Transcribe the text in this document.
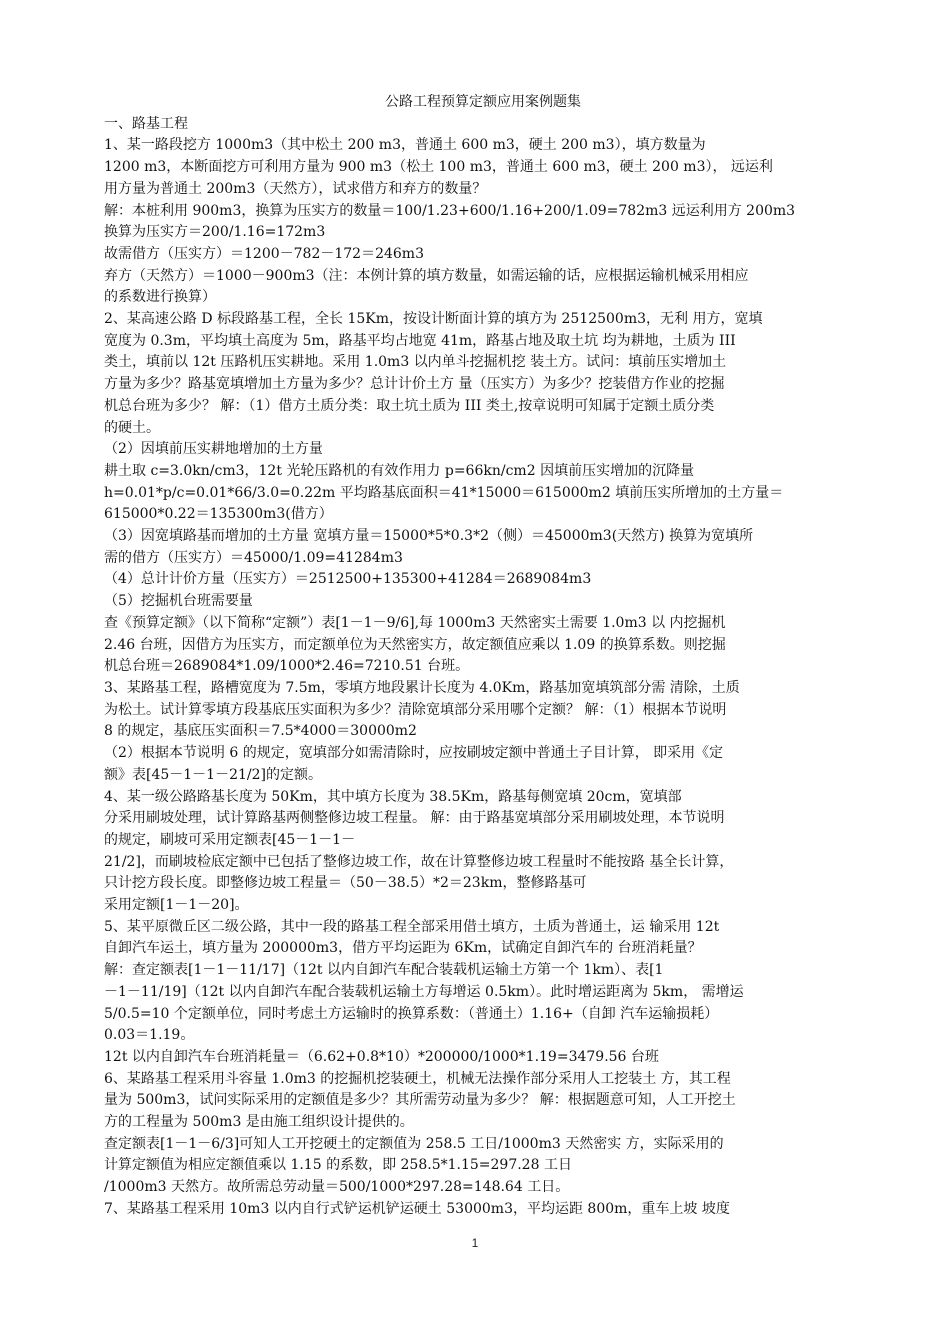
公路工程预算定额应用案例题集
一、路基工程
1、某一路段挖方 1000m3（其中松土 200 m3，普通土 600 m3，硬土 200 m3），填方数量为
1200 m3，本断面挖方可利用方量为 900 m3（松土 100 m3，普通土 600 m3，硬土 200 m3）， 远运利
用方量为普通土 200m3（天然方），试求借方和弃方的数量？
解：本桩利用 900m3，换算为压实方的数量＝100/1.23+600/1.16+200/1.09=782m3 远运利用方 200m3
换算为压实方＝200/1.16=172m3
故需借方（压实方）＝1200－782－172＝246m3
弃方（天然方）＝1000－900m3（注：本例计算的填方数量，如需运输的话，应根据运输机械采用相应
的系数进行换算）
2、某高速公路 D 标段路基工程，全长 15Km，按设计断面计算的填方为 2512500m3，无利 用方，宽填
宽度为 0.3m，平均填土高度为 5m，路基平均占地宽 41m，路基占地及取土坑 均为耕地，土质为 III
类土，填前以 12t 压路机压实耕地。采用 1.0m3 以内单斗挖掘机挖 装土方。试问：填前压实增加土
方量为多少？路基宽填增加土方量为多少？总计计价土方 量（压实方）为多少？挖装借方作业的挖掘
机总台班为多少？ 解：（1）借方土质分类：取土坑土质为 III 类土,按章说明可知属于定额土质分类
的硬土。
（2）因填前压实耕地增加的土方量
耕土取 c=3.0kn/cm3，12t 光轮压路机的有效作用力 p=66kn/cm2 因填前压实增加的沉降量
h=0.01*p/c=0.01*66/3.0=0.22m 平均路基底面积＝41*15000＝615000m2 填前压实所增加的土方量＝
615000*0.22＝135300m3(借方）
（3）因宽填路基而增加的土方量 宽填方量＝15000*5*0.3*2（侧）＝45000m3(天然方) 换算为宽填所
需的借方（压实方）＝45000/1.09=41284m3
（4）总计计价方量（压实方）＝2512500+135300+41284＝2689084m3
（5）挖掘机台班需要量
查《预算定额》（以下简称“定额”）表[1－1－9/6],每 1000m3 天然密实土需要 1.0m3 以 内挖掘机
2.46 台班，因借方为压实方，而定额单位为天然密实方，故定额值应乘以 1.09 的换算系数。则挖掘
机总台班＝2689084*1.09/1000*2.46=7210.51 台班。
3、某路基工程，路槽宽度为 7.5m，零填方地段累计长度为 4.0Km，路基加宽填筑部分需 清除，土质
为松土。试计算零填方段基底压实面积为多少？清除宽填部分采用哪个定额？ 解：（1）根据本节说明
8 的规定，基底压实面积＝7.5*4000＝30000m2
（2）根据本节说明 6 的规定，宽填部分如需清除时，应按刷坡定额中普通土子目计算， 即采用《定
额》表[45－1－1－21/2]的定额。
4、某一级公路路基长度为 50Km，其中填方长度为 38.5Km，路基每侧宽填 20cm，宽填部
分采用刷坡处理，试计算路基两侧整修边坡工程量。 解：由于路基宽填部分采用刷坡处理，本节说明
的规定，刷坡可采用定额表[45－1－1－
21/2]，而刷坡检底定额中已包括了整修边坡工作，故在计算整修边坡工程量时不能按路 基全长计算，
只计挖方段长度。即整修边坡工程量＝（50－38.5）*2＝23km，整修路基可
采用定额[1－1－20]。
5、某平原微丘区二级公路，其中一段的路基工程全部采用借土填方，土质为普通土，运 输采用 12t
自卸汽车运土，填方量为 200000m3，借方平均运距为 6Km，试确定自卸汽车的 台班消耗量？
解：查定额表[1－1－11/17]（12t 以内自卸汽车配合装载机运输土方第一个 1km）、表[1
－1－11/19]（12t 以内自卸汽车配合装载机运输土方每增运 0.5km）。此时增运距离为 5km， 需增运
5/0.5=10 个定额单位，同时考虑土方运输时的换算系数：（普通土）1.16+（自卸 汽车运输损耗）
0.03＝1.19。
12t 以内自卸汽车台班消耗量＝（6.62+0.8*10）*200000/1000*1.19=3479.56 台班
6、某路基工程采用斗容量 1.0m3 的挖掘机挖装硬土，机械无法操作部分采用人工挖装土 方，其工程
量为 500m3，试问实际采用的定额值是多少？其所需劳动量为多少？ 解：根据题意可知，人工开挖土
方的工程量为 500m3 是由施工组织设计提供的。
查定额表[1－1－6/3]可知人工开挖硬土的定额值为 258.5 工日/1000m3 天然密实 方，实际采用的
计算定额值为相应定额值乘以 1.15 的系数，即 258.5*1.15=297.28 工日
/1000m3 天然方。故所需总劳动量＝500/1000*297.28=148.64 工日。
7、某路基工程采用 10m3 以内自行式铲运机铲运硬土 53000m3，平均运距 800m，重车上坡 坡度
1
